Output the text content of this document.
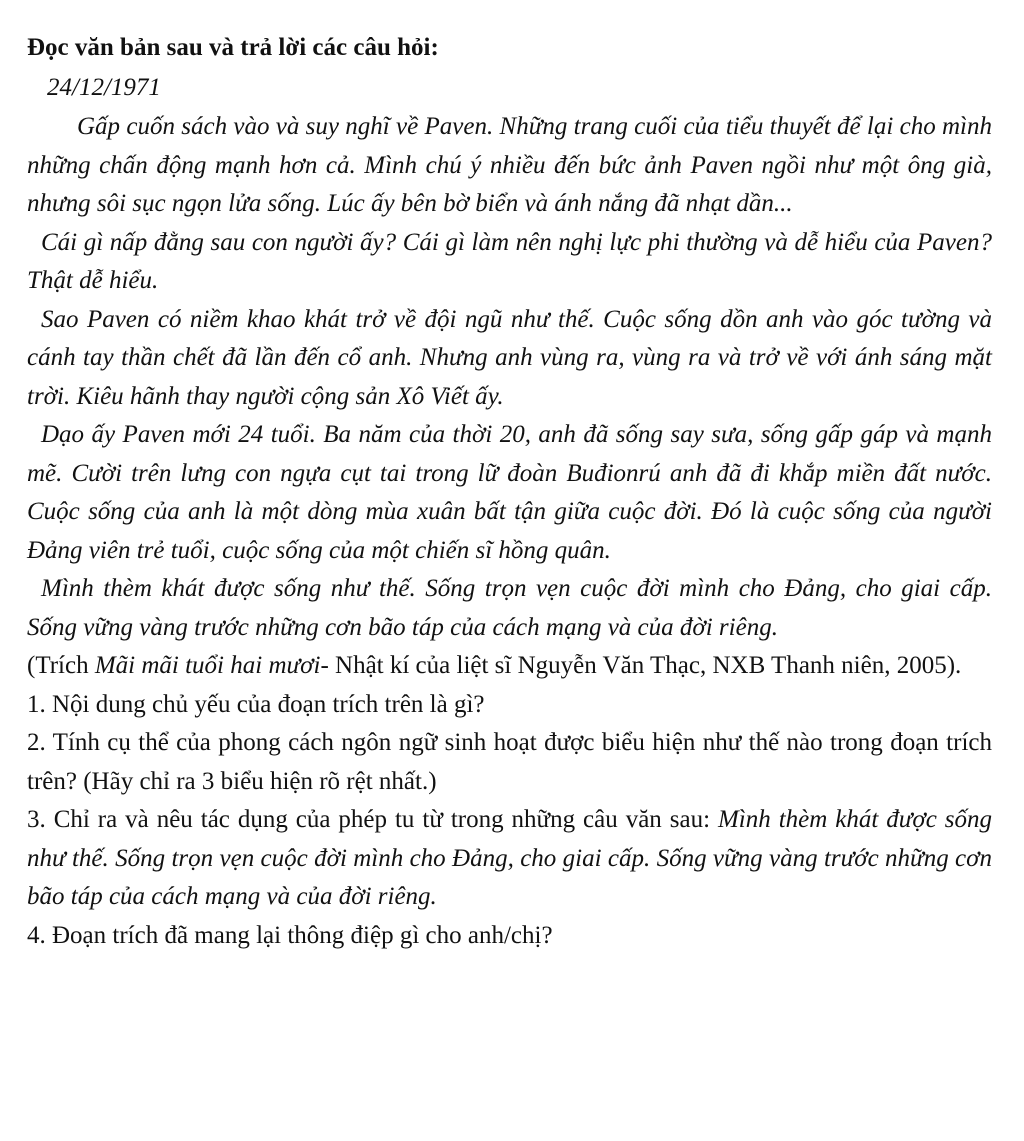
Đọc văn bản sau và trả lời các câu hỏi:

24/12/1971

Gấp cuốn sách vào và suy nghĩ về Paven. Những trang cuối của tiểu thuyết để lại cho mình những chấn động mạnh hơn cả. Mình chú ý nhiều đến bức ảnh Paven ngồi như một ông già, nhưng sôi sục ngọn lửa sống. Lúc ấy bên bờ biển và ánh nắng đã nhạt dần...

Cái gì nấp đằng sau con người ấy? Cái gì làm nên nghị lực phi thường và dễ hiểu của Paven? Thật dễ hiểu.

Sao Paven có niềm khao khát trở về đội ngũ như thế. Cuộc sống dồn anh vào góc tường và cánh tay thần chết đã lần đến cổ anh. Nhưng anh vùng ra, vùng ra và trở về với ánh sáng mặt trời. Kiêu hãnh thay người cộng sản Xô Viết ấy.

Dạo ấy Paven mới 24 tuổi. Ba năm của thời 20, anh đã sống say sưa, sống gấp gáp và mạnh mẽ. Cười trên lưng con ngựa cụt tai trong lữ đoàn Buđionrú anh đã đi khắp miền đất nước. Cuộc sống của anh là một dòng mùa xuân bất tận giữa cuộc đời. Đó là cuộc sống của người Đảng viên trẻ tuổi, cuộc sống của một chiến sĩ hồng quân.

Mình thèm khát được sống như thế. Sống trọn vẹn cuộc đời mình cho Đảng, cho giai cấp. Sống vững vàng trước những cơn bão táp của cách mạng và của đời riêng.

(Trích Mãi mãi tuổi hai mươi- Nhật kí của liệt sĩ Nguyễn Văn Thạc, NXB Thanh niên, 2005).

1. Nội dung chủ yếu của đoạn trích trên là gì?

2. Tính cụ thể của phong cách ngôn ngữ sinh hoạt được biểu hiện như thế nào trong đoạn trích trên? (Hãy chỉ ra 3 biểu hiện rõ rệt nhất.)

3. Chỉ ra và nêu tác dụng của phép tu từ trong những câu văn sau: Mình thèm khát được sống như thế. Sống trọn vẹn cuộc đời mình cho Đảng, cho giai cấp. Sống vững vàng trước những cơn bão táp của cách mạng và của đời riêng.

4. Đoạn trích đã mang lại thông điệp gì cho anh/chị?
